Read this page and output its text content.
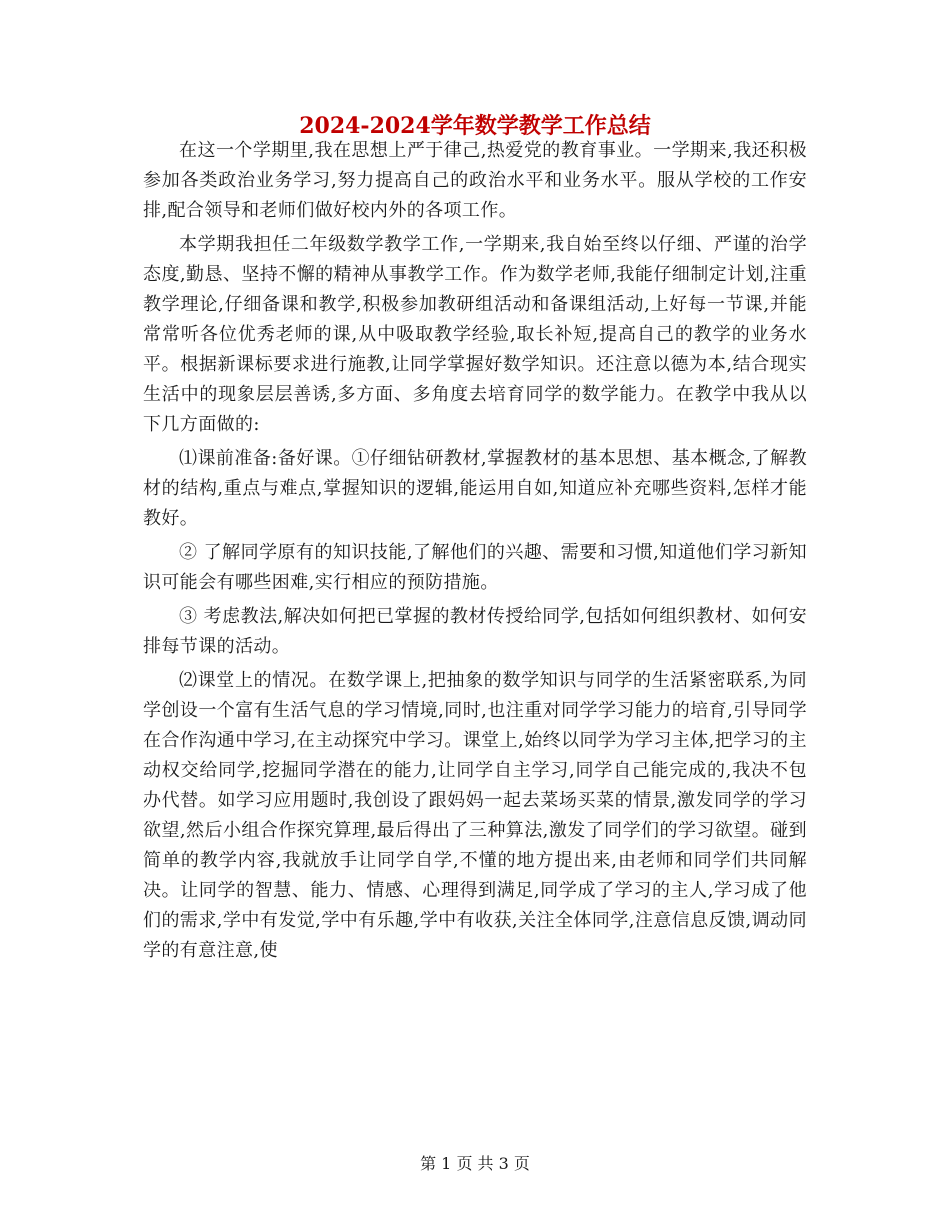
2024-2024学年数学教学工作总结

在这一个学期里,我在思想上严于律己,热爱党的教育事业。一学期来,我还积极参加各类政治业务学习,努力提高自己的政治水平和业务水平。服从学校的工作安排,配合领导和老师们做好校内外的各项工作。

本学期我担任二年级数学教学工作,一学期来,我自始至终以仔细、严谨的治学态度,勤恳、坚持不懈的精神从事教学工作。作为数学老师,我能仔细制定计划,注重教学理论,仔细备课和教学,积极参加教研组活动和备课组活动,上好每一节课,并能常常听各位优秀老师的课,从中吸取教学经验,取长补短,提高自己的教学的业务水平。根据新课标要求进行施教,让同学掌握好数学知识。还注意以德为本,结合现实生活中的现象层层善诱,多方面、多角度去培育同学的数学能力。在教学中我从以下几方面做的:

⑴课前准备:备好课。①仔细钻研教材,掌握教材的基本思想、基本概念,了解教材的结构,重点与难点,掌握知识的逻辑,能运用自如,知道应补充哪些资料,怎样才能教好。

② 了解同学原有的知识技能,了解他们的兴趣、需要和习惯,知道他们学习新知识可能会有哪些困难,实行相应的预防措施。

③ 考虑教法,解决如何把已掌握的教材传授给同学,包括如何组织教材、如何安排每节课的活动。

⑵课堂上的情况。在数学课上,把抽象的数学知识与同学的生活紧密联系,为同学创设一个富有生活气息的学习情境,同时,也注重对同学学习能力的培育,引导同学在合作沟通中学习,在主动探究中学习。课堂上,始终以同学为学习主体,把学习的主动权交给同学,挖掘同学潜在的能力,让同学自主学习,同学自己能完成的,我决不包办代替。如学习应用题时,我创设了跟妈妈一起去菜场买菜的情景,激发同学的学习欲望,然后小组合作探究算理,最后得出了三种算法,激发了同学们的学习欲望。碰到简单的教学内容,我就放手让同学自学,不懂的地方提出来,由老师和同学们共同解决。让同学的智慧、能力、情感、心理得到满足,同学成了学习的主人,学习成了他们的需求,学中有发觉,学中有乐趣,学中有收获,关注全体同学,注意信息反馈,调动同学的有意注意,使

第 1 页 共 3 页
